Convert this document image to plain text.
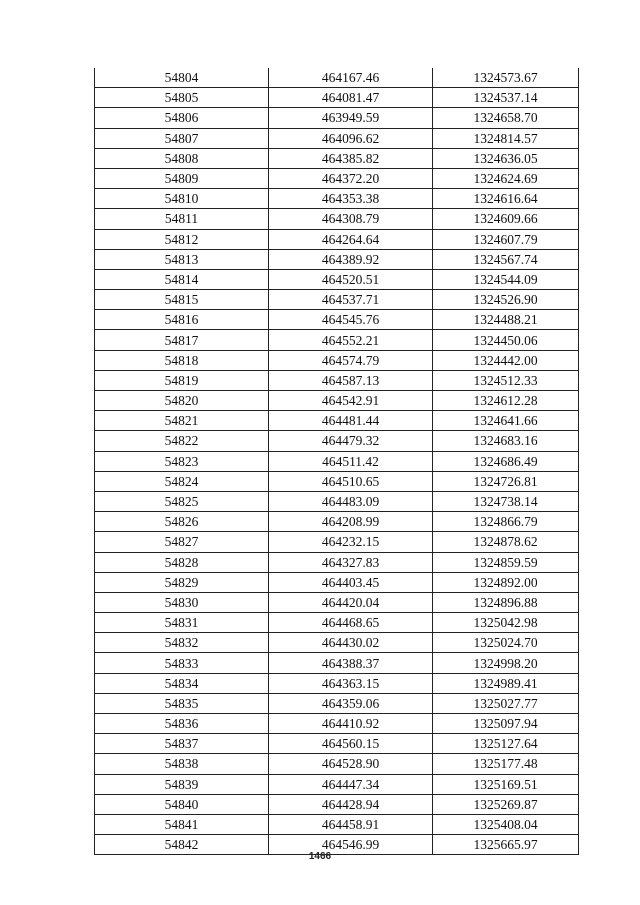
54804	464167.46	1324573.67
54805	464081.47	1324537.14
54806	463949.59	1324658.70
54807	464096.62	1324814.57
54808	464385.82	1324636.05
54809	464372.20	1324624.69
54810	464353.38	1324616.64
54811	464308.79	1324609.66
54812	464264.64	1324607.79
54813	464389.92	1324567.74
54814	464520.51	1324544.09
54815	464537.71	1324526.90
54816	464545.76	1324488.21
54817	464552.21	1324450.06
54818	464574.79	1324442.00
54819	464587.13	1324512.33
54820	464542.91	1324612.28
54821	464481.44	1324641.66
54822	464479.32	1324683.16
54823	464511.42	1324686.49
54824	464510.65	1324726.81
54825	464483.09	1324738.14
54826	464208.99	1324866.79
54827	464232.15	1324878.62
54828	464327.83	1324859.59
54829	464403.45	1324892.00
54830	464420.04	1324896.88
54831	464468.65	1325042.98
54832	464430.02	1325024.70
54833	464388.37	1324998.20
54834	464363.15	1324989.41
54835	464359.06	1325027.77
54836	464410.92	1325097.94
54837	464560.15	1325127.64
54838	464528.90	1325177.48
54839	464447.34	1325169.51
54840	464428.94	1325269.87
54841	464458.91	1325408.04
54842	464546.99	1325665.97
1466
